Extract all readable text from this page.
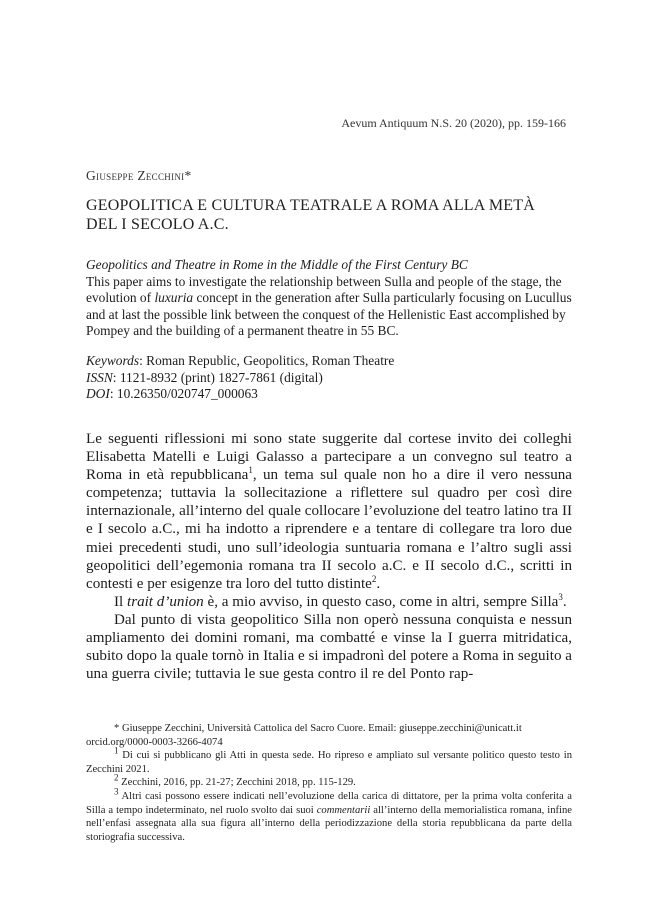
Aevum Antiquum N.S. 20 (2020), pp. 159-166
Giuseppe Zecchini*
GEOPOLITICA E CULTURA TEATRALE A ROMA ALLA METÀ
DEL I SECOLO A.C.
Geopolitics and Theatre in Rome in the Middle of the First Century BC

This paper aims to investigate the relationship between Sulla and people of the stage, the evolution of luxuria concept in the generation after Sulla particularly focusing on Lucullus and at last the possible link between the conquest of the Hellenistic East accomplished by Pompey and the building of a permanent theatre in 55 BC.

Keywords: Roman Republic, Geopolitics, Roman Theatre
ISSN: 1121-8932 (print) 1827-7861 (digital)
DOI: 10.26350/020747_000063

Le seguenti riflessioni mi sono state suggerite dal cortese invito dei colleghi Elisabetta Matelli e Luigi Galasso a partecipare a un convegno sul teatro a Roma in età repubblicana$^1$, un tema sul quale non ho a dire il vero nessuna competenza; tuttavia la sollecitazione a riflettere sul quadro per così dire internazionale, all’interno del quale collocare l’evoluzione del teatro latino tra II e I secolo a.C., mi ha indotto a riprendere e a tentare di collegare tra loro due miei precedenti studi, uno sull’ideologia suntuaria romana e l’altro sugli assi geopolitici dell’egemonia romana tra II secolo a.C. e II secolo d.C., scritti in contesti e per esigenze tra loro del tutto distinte$^2$.

Il trait d’union è, a mio avviso, in questo caso, come in altri, sempre Silla$^3$.

Dal punto di vista geopolitico Silla non operò nessuna conquista e nessun ampliamento dei domini romani, ma combatté e vinse la I guerra mitridatica, subito dopo la quale tornò in Italia e si impadronì del potere a Roma in seguito a una guerra civile; tuttavia le sue gesta contro il re del Ponto rap-

* Giuseppe Zecchini, Università Cattolica del Sacro Cuore. Email: giuseppe.zecchini@unicatt.it

orcid.org/0000-0003-3266-4074

$^1$ Di cui si pubblicano gli Atti in questa sede. Ho ripreso e ampliato sul versante politico questo testo in Zecchini 2021.

$^2$ Zecchini, 2016, pp. 21-27; Zecchini 2018, pp. 115-129.

$^3$ Altri casi possono essere indicati nell’evoluzione della carica di dittatore, per la prima volta conferita a Silla a tempo indeterminato, nel ruolo svolto dai suoi commentarii all’interno della memorialistica romana, infine nell’enfasi assegnata alla sua figura all’interno della periodizzazione della storia repubblicana da parte della storiografia successiva.
